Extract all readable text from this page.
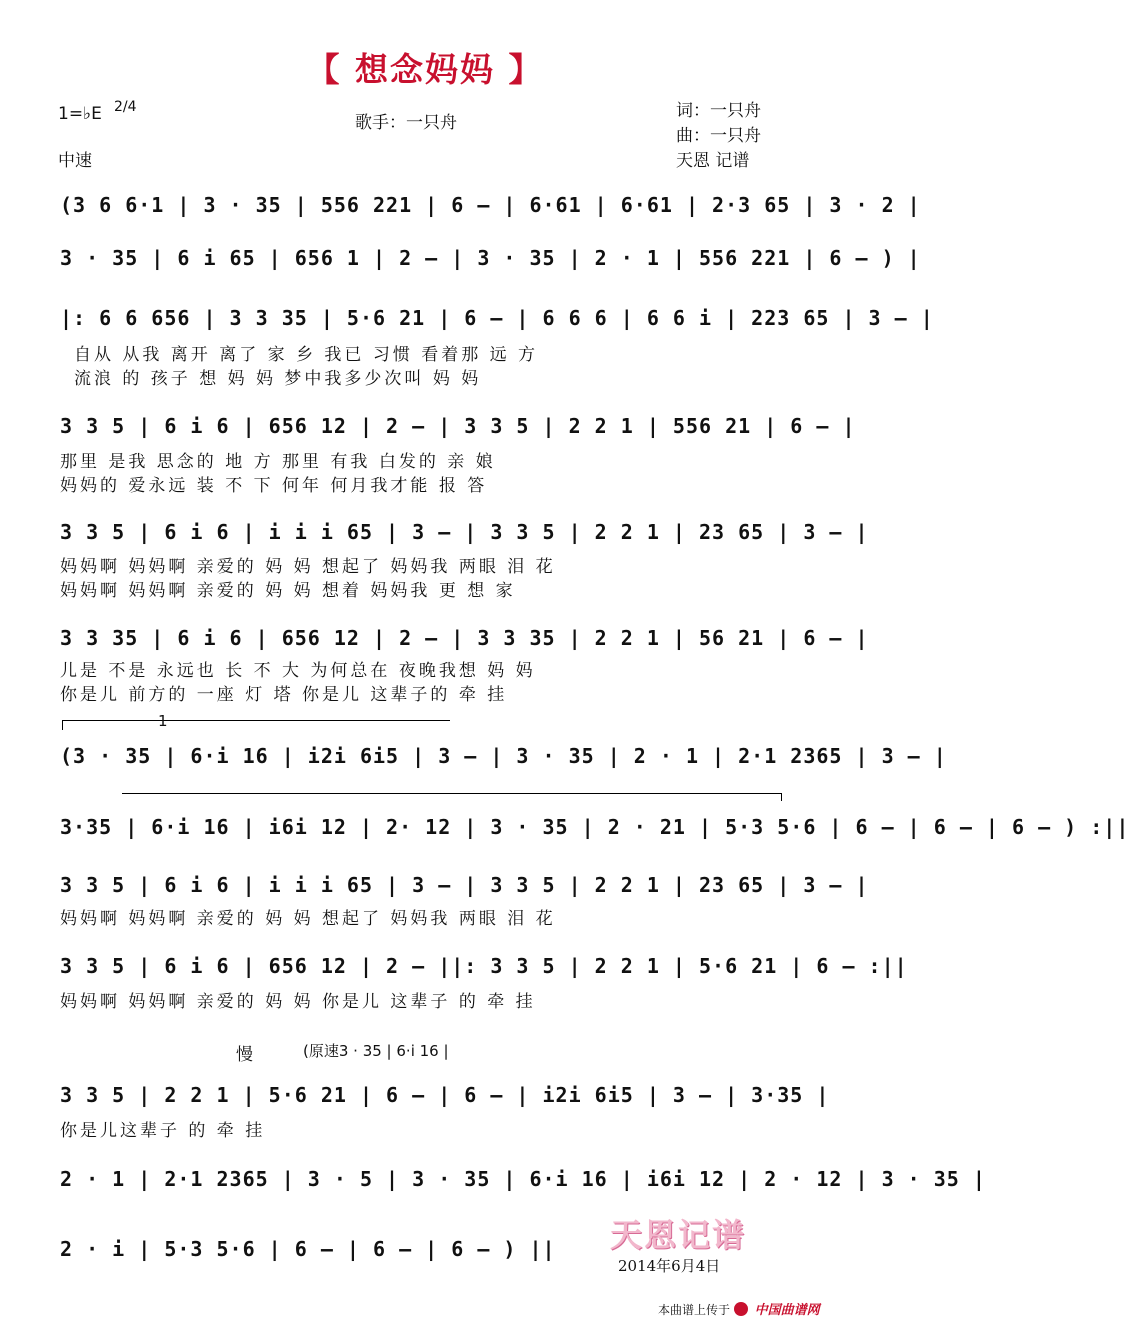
【 想念妈妈 】
1=♭E 2/4
中速
歌手：一只舟
词：一只舟
曲：一只舟
天恩 记谱
(3 6 6·1 | 3 · 35 | 556 221 | 6 – | 6·61 | 6·61 | 2·3 65 | 3 · 2 |
3 · 35 | 6 i 65 | 656 1 | 2 – | 3 · 35 | 2 · 1 | 556 221 | 6 – ) |
|: 6 6 656 | 3 3 35 | 5·6 21 | 6 – | 6 6 6 | 6 6 i | 223 65 | 3 – |
自从 从我 离开 离了 家 乡 我已 习惯 看着那 远 方
流浪 的 孩子 想 妈 妈 梦中我多少次叫 妈 妈
3 3 5 | 6 i 6 | 656 12 | 2 – | 3 3 5 | 2 2 1 | 556 21 | 6 – |
那里 是我 思念的 地 方 那里 有我 白发的 亲 娘
妈妈的 爱永远 装 不 下 何年 何月我才能 报 答
3 3 5 | 6 i 6 | i i i 65 | 3 – | 3 3 5 | 2 2 1 | 23 65 | 3 – |
妈妈啊 妈妈啊 亲爱的 妈 妈 想起了 妈妈我 两眼 泪 花
妈妈啊 妈妈啊 亲爱的 妈 妈 想着 妈妈我 更 想 家
3 3 35 | 6 i 6 | 656 12 | 2 – | 3 3 35 | 2 2 1 | 56 21 | 6 – |
儿是 不是 永远也 长 不 大 为何总在 夜晚我想 妈 妈
你是儿 前方的 一座 灯 塔 你是儿 这辈子的 牵 挂
1
(3 · 35 | 6·i 16 | i2i 6i5 | 3 – | 3 · 35 | 2 · 1 | 2·1 2365 | 3 – |
3·35 | 6·i 16 | i6i 12 | 2· 12 | 3 · 35 | 2 · 21 | 5·3 5·6 | 6 – | 6 – | 6 – ) :||
3 3 5 | 6 i 6 | i i i 65 | 3 – | 3 3 5 | 2 2 1 | 23 65 | 3 – |
妈妈啊 妈妈啊 亲爱的 妈 妈 想起了 妈妈我 两眼 泪 花
3 3 5 | 6 i 6 | 656 12 | 2 – ||: 3 3 5 | 2 2 1 | 5·6 21 | 6 – :||
妈妈啊 妈妈啊 亲爱的 妈 妈 你是儿 这辈子 的 牵 挂
慢	(原速3 · 35 | 6·i 16 |
3 3 5 | 2 2 1 | 5·6 21 | 6 – | 6 – | i2i 6i5 | 3 – | 3·35 |
你是儿这辈子 的 牵 挂
2 · 1 | 2·1 2365 | 3 · 5 | 3 · 35 | 6·i 16 | i6i 12 | 2 · 12 | 3 · 35 |
2 · i | 5·3 5·6 | 6 – | 6 – | 6 – ) || 天恩记谱
2014年6月4日
本曲谱上传于 中国曲谱网
